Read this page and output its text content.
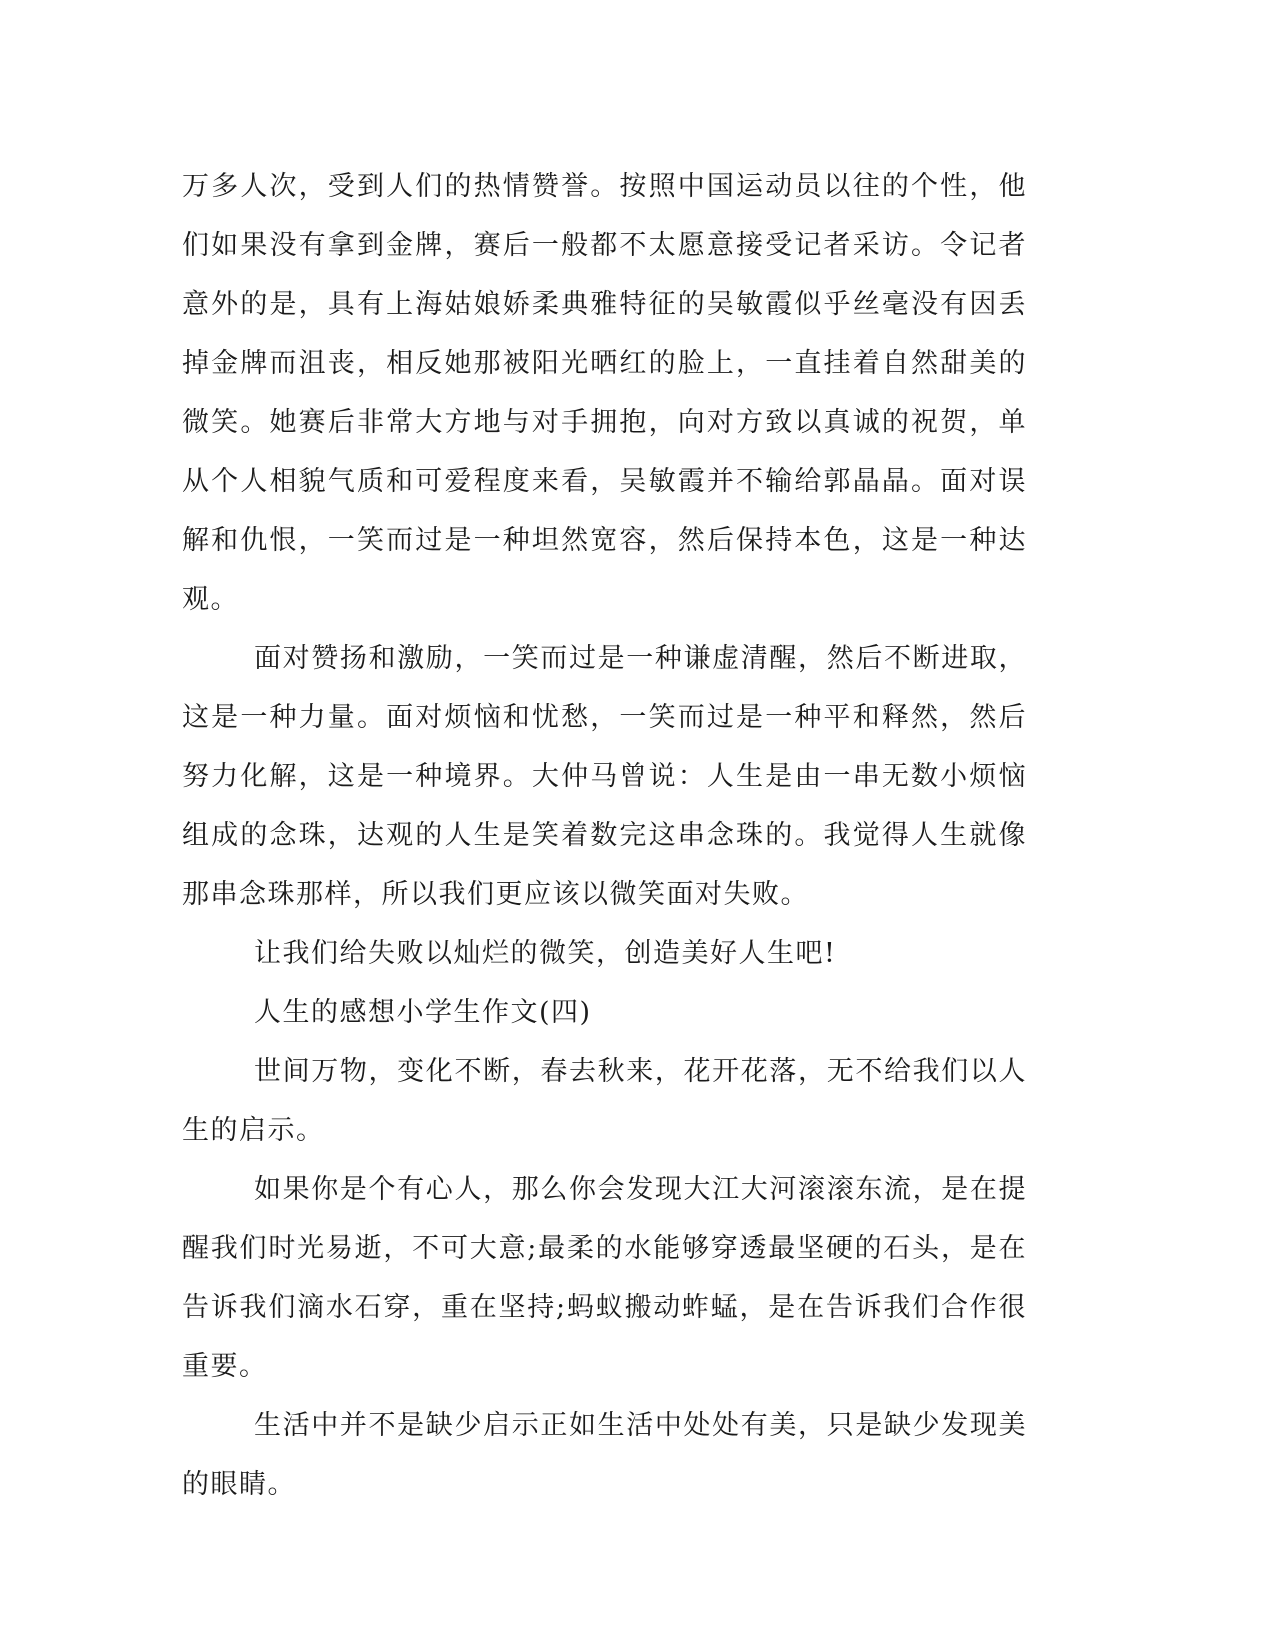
万多人次，受到人们的热情赞誉。按照中国运动员以往的个性，他们如果没有拿到金牌，赛后一般都不太愿意接受记者采访。令记者意外的是，具有上海姑娘娇柔典雅特征的吴敏霞似乎丝毫没有因丢掉金牌而沮丧，相反她那被阳光晒红的脸上，一直挂着自然甜美的微笑。她赛后非常大方地与对手拥抱，向对方致以真诚的祝贺，单从个人相貌气质和可爱程度来看，吴敏霞并不输给郭晶晶。面对误解和仇恨，一笑而过是一种坦然宽容，然后保持本色，这是一种达观。

面对赞扬和激励，一笑而过是一种谦虚清醒，然后不断进取，这是一种力量。面对烦恼和忧愁，一笑而过是一种平和释然，然后努力化解，这是一种境界。大仲马曾说：人生是由一串无数小烦恼组成的念珠，达观的人生是笑着数完这串念珠的。我觉得人生就像那串念珠那样，所以我们更应该以微笑面对失败。

让我们给失败以灿烂的微笑，创造美好人生吧!

人生的感想小学生作文(四)

世间万物，变化不断，春去秋来，花开花落，无不给我们以人生的启示。

如果你是个有心人，那么你会发现大江大河滚滚东流，是在提醒我们时光易逝，不可大意;最柔的水能够穿透最坚硬的石头，是在告诉我们滴水石穿，重在坚持;蚂蚁搬动蚱蜢，是在告诉我们合作很重要。

生活中并不是缺少启示正如生活中处处有美，只是缺少发现美的眼睛。
